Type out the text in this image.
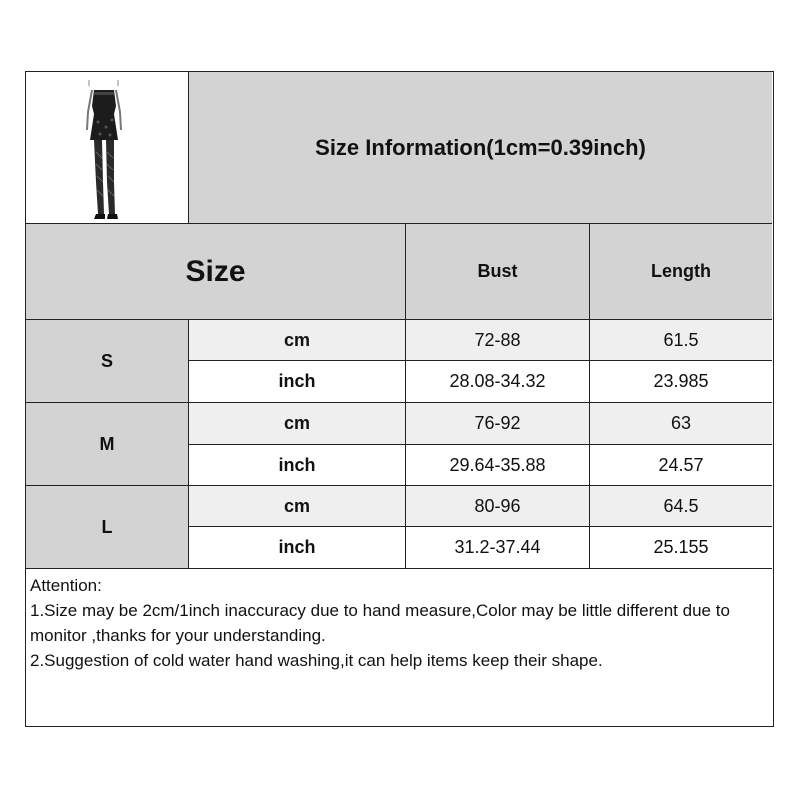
Size Information(1cm=0.39inch)
Size	Bust	Length
S
cm	72-88	61.5
inch	28.08-34.32	23.985
M
cm	76-92	63
inch	29.64-35.88	24.57
L
cm	80-96	64.5
inch	31.2-37.44	25.155

Attention:

1.Size may be 2cm/1inch inaccuracy due to hand measure,Color may be little different due to monitor ,thanks for your understanding.

2.Suggestion of cold water hand washing,it can help items keep their shape.
